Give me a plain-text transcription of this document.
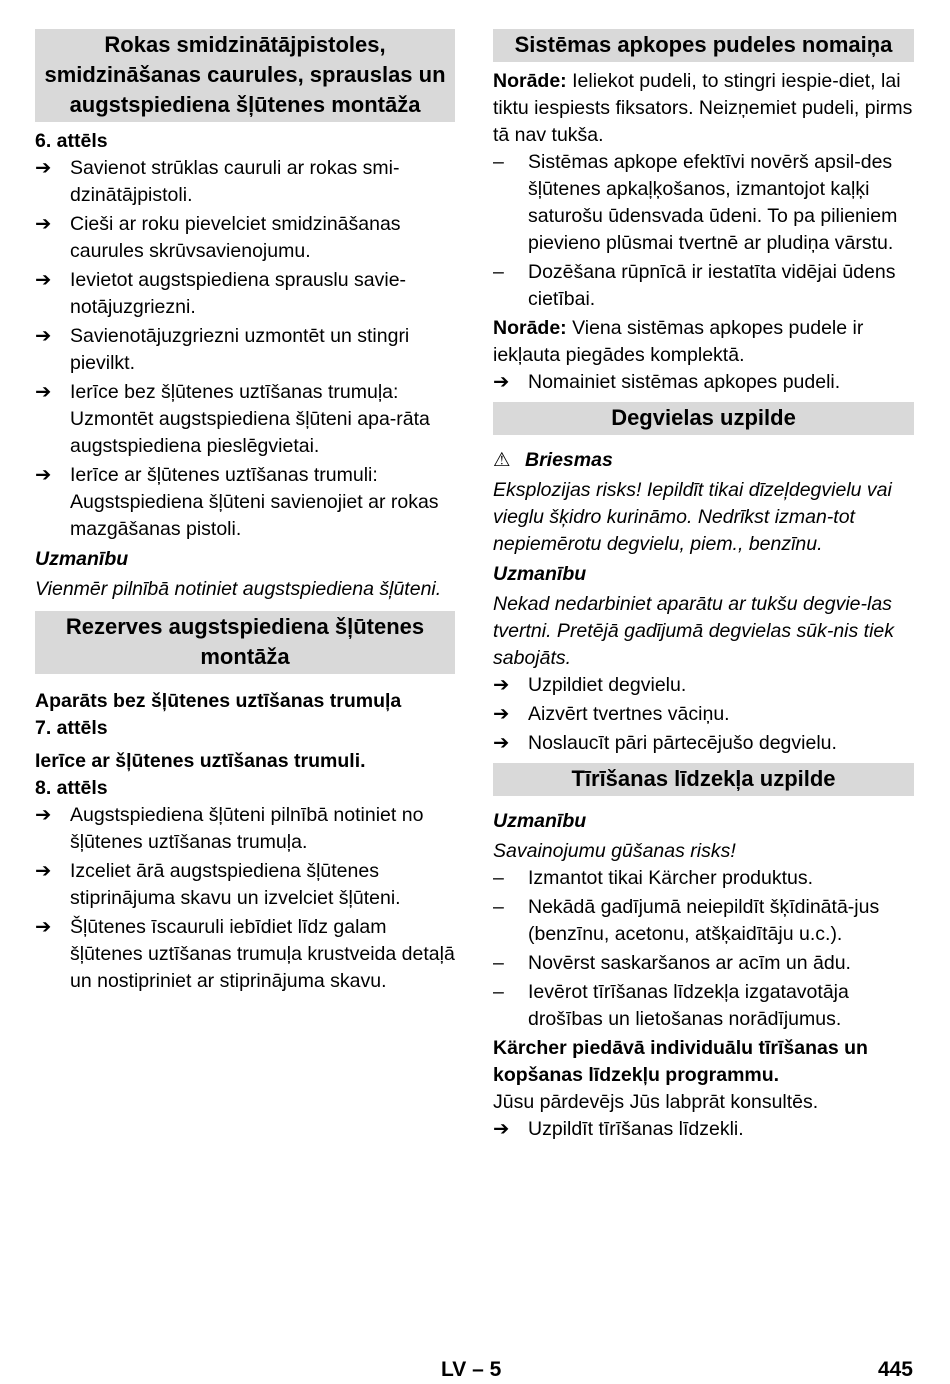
Rokas smidzinātājpistoles, smidzināšanas caurules, sprauslas un augstspiediena šļūtenes montāža

6. attēls

➔ Savienot strūklas cauruli ar rokas smi-dzinātājpistoli.
➔ Cieši ar roku pievelciet smidzināšanas caurules skrūvsavienojumu.
➔ Ievietot augstspiediena sprauslu savie-notājuzgriezni.
➔ Savienotājuzgriezni uzmontēt un stingri pievilkt.
➔ Ierīce bez šļūtenes uztīšanas trumuļa: Uzmontēt augstspiediena šļūteni apa-rāta augstspiediena pieslēgvietai.
➔ Ierīce ar šļūtenes uztīšanas trumuli: Augstspiediena šļūteni savienojiet ar rokas mazgāšanas pistoli.

Uzmanību

Vienmēr pilnībā notiniet augstspiediena šļūteni.

Rezerves augstspiediena šļūtenes montāža

Aparāts bez šļūtenes uztīšanas trumuļa

7. attēls

Ierīce ar šļūtenes uztīšanas trumuli.

8. attēls

➔ Augstspiediena šļūteni pilnībā notiniet no šļūtenes uztīšanas trumuļa.
➔ Izceliet ārā augstspiediena šļūtenes stiprinājuma skavu un izvelciet šļūteni.
➔ Šļūtenes īscauruli iebīdiet līdz galam šļūtenes uztīšanas trumuļa krustveida detaļā un nostipriniet ar stiprinājuma skavu.
Sistēmas apkopes pudeles nomaiņa

Norāde: Ieliekot pudeli, to stingri iespie-diet, lai tiktu iespiests fiksators. Neizņemiet pudeli, pirms tā nav tukša.

– Sistēmas apkope efektīvi novērš apsil-des šļūtenes apkaļķošanos, izmantojot kaļķi saturošu ūdensvada ūdeni. To pa pilieniem pievieno plūsmai tvertnē ar pludiņa vārstu.
– Dozēšana rūpnīcā ir iestatīta vidējai ūdens cietībai.

Norāde: Viena sistēmas apkopes pudele ir iekļauta piegādes komplektā.

➔ Nomainiet sistēmas apkopes pudeli.
Degvielas uzpilde

⚠ Briesmas

Eksplozijas risks! Iepildīt tikai dīzeļdegvielu vai vieglu šķidro kurināmo. Nedrīkst izman-tot nepiemērotu degvielu, piem., benzīnu.

Uzmanību

Nekad nedarbiniet aparātu ar tukšu degvie-las tvertni. Pretējā gadījumā degvielas sūk-nis tiek sabojāts.

➔ Uzpildiet degvielu.
➔ Aizvērt tvertnes vāciņu.
➔ Noslaucīt pāri pārtecējušo degvielu.
Tīrīšanas līdzekļa uzpilde

Uzmanību

Savainojumu gūšanas risks!

– Izmantot tikai Kärcher produktus.
– Nekādā gadījumā neiepildīt šķīdinātā-jus (benzīnu, acetonu, atšķaidītāju u.c.).
– Novērst saskaršanos ar acīm un ādu.
– Ievērot tīrīšanas līdzekļa izgatavotāja drošības un lietošanas norādījumus.

Kärcher piedāvā individuālu tīrīšanas un kopšanas līdzekļu programmu.

Jūsu pārdevējs Jūs labprāt konsultēs.

➔ Uzpildīt tīrīšanas līdzekli.
LV – 5	445
